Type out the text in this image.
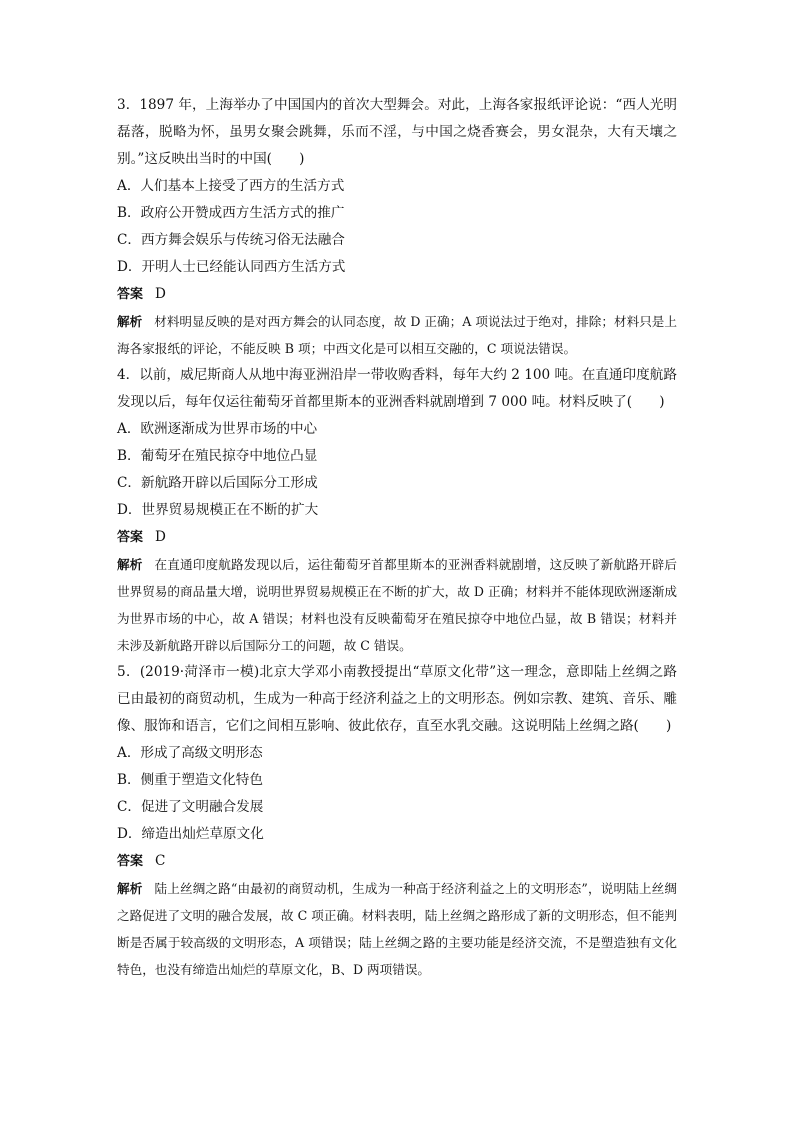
3．1897 年，上海举办了中国国内的首次大型舞会。对此，上海各家报纸评论说：“西人光明磊落，脱略为怀，虽男女聚会跳舞，乐而不淫，与中国之烧香赛会，男女混杂，大有天壤之别。”这反映出当时的中国(　　)

A．人们基本上接受了西方的生活方式

B．政府公开赞成西方生活方式的推广

C．西方舞会娱乐与传统习俗无法融合

D．开明人士已经能认同西方生活方式

答案 D

解析 材料明显反映的是对西方舞会的认同态度，故 D 正确；A 项说法过于绝对，排除；材料只是上海各家报纸的评论，不能反映 B 项；中西文化是可以相互交融的，C 项说法错误。

4．以前，威尼斯商人从地中海亚洲沿岸一带收购香料，每年大约 2 100 吨。在直通印度航路发现以后，每年仅运往葡萄牙首都里斯本的亚洲香料就剧增到 7 000 吨。材料反映了(　　)

A．欧洲逐渐成为世界市场的中心

B．葡萄牙在殖民掠夺中地位凸显

C．新航路开辟以后国际分工形成

D．世界贸易规模正在不断的扩大

答案 D

解析 在直通印度航路发现以后，运往葡萄牙首都里斯本的亚洲香料就剧增，这反映了新航路开辟后世界贸易的商品量大增，说明世界贸易规模正在不断的扩大，故 D 正确；材料并不能体现欧洲逐渐成为世界市场的中心，故 A 错误；材料也没有反映葡萄牙在殖民掠夺中地位凸显，故 B 错误；材料并未涉及新航路开辟以后国际分工的问题，故 C 错误。

5．(2019·菏泽市一模)北京大学邓小南教授提出“草原文化带”这一理念，意即陆上丝绸之路已由最初的商贸动机，生成为一种高于经济利益之上的文明形态。例如宗教、建筑、音乐、雕像、服饰和语言，它们之间相互影响、彼此依存，直至水乳交融。这说明陆上丝绸之路(　　)

A．形成了高级文明形态

B．侧重于塑造文化特色

C．促进了文明融合发展

D．缔造出灿烂草原文化

答案 C

解析 陆上丝绸之路“由最初的商贸动机，生成为一种高于经济利益之上的文明形态”，说明陆上丝绸之路促进了文明的融合发展，故 C 项正确。材料表明，陆上丝绸之路形成了新的文明形态，但不能判断是否属于较高级的文明形态，A 项错误；陆上丝绸之路的主要功能是经济交流，不是塑造独有文化特色，也没有缔造出灿烂的草原文化，B、D 两项错误。
